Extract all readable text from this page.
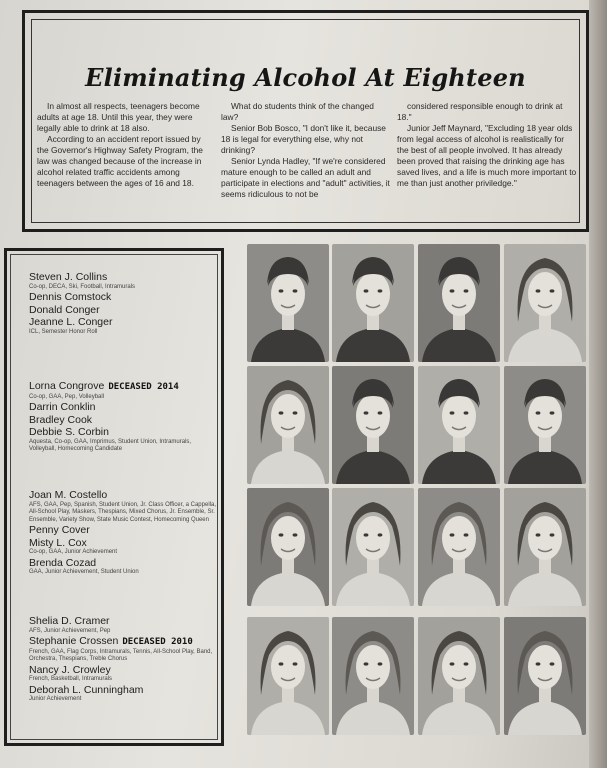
Eliminating Alcohol At Eighteen

In almost all respects, teenagers become adults at age 18. Until this year, they were legally able to drink at 18 also.

According to an accident report issued by the Governor's Highway Safety Program, the law was changed because of the increase in alcohol related traffic accidents among teenagers between the ages of 16 and 18.

What do students think of the changed law?

Senior Bob Bosco, "I don't like it, because 18 is legal for everything else, why not drinking?

Senior Lynda Hadley, "If we're considered mature enough to be called an adult and participate in elections and "adult" activities, it seems ridiculous to not be

considered responsible enough to drink at 18."

Junior Jeff Maynard, "Excluding 18 year olds from legal access of alcohol is realistically for the best of all people involved. It has already been proved that raising the drinking age has saved lives, and a life is much more important to me than just another priviledge."

Steven J. Collins
Co-op, DECA, Ski, Football, Intramurals
Dennis Comstock
Donald Conger
Jeanne L. Conger
ICL, Semester Honor Roll
Lorna Congrove DECEASED 2014
Co-op, GAA, Pep, Volleyball
Darrin Conklin
Bradley Cook
Debbie S. Corbin
Aquesta, Co-op, GAA, Imprimus, Student Union, Intramurals, Volleyball, Homecoming Candidate
Joan M. Costello
AFS, GAA, Pep, Spanish, Student Union, Jr. Class Officer, a Cappella, All-School Play, Maskers, Thespians, Mixed Chorus, Jr. Ensemble, Sr. Ensemble, Variety Show, State Music Contest, Homecoming Queen
Penny Cover
Misty L. Cox
Co-op, GAA, Junior Achievement
Brenda Cozad
GAA, Junior Achievement, Student Union
Shelia D. Cramer
AFS, Junior Achievement, Pep
Stephanie Crossen DECEASED 2010
French, GAA, Flag Corps, Intramurals, Tennis, All-School Play, Band, Orchestra, Thespians, Treble Chorus
Nancy J. Crowley
French, Basketball, Intramurals
Deborah L. Cunningham
Junior Achievement
